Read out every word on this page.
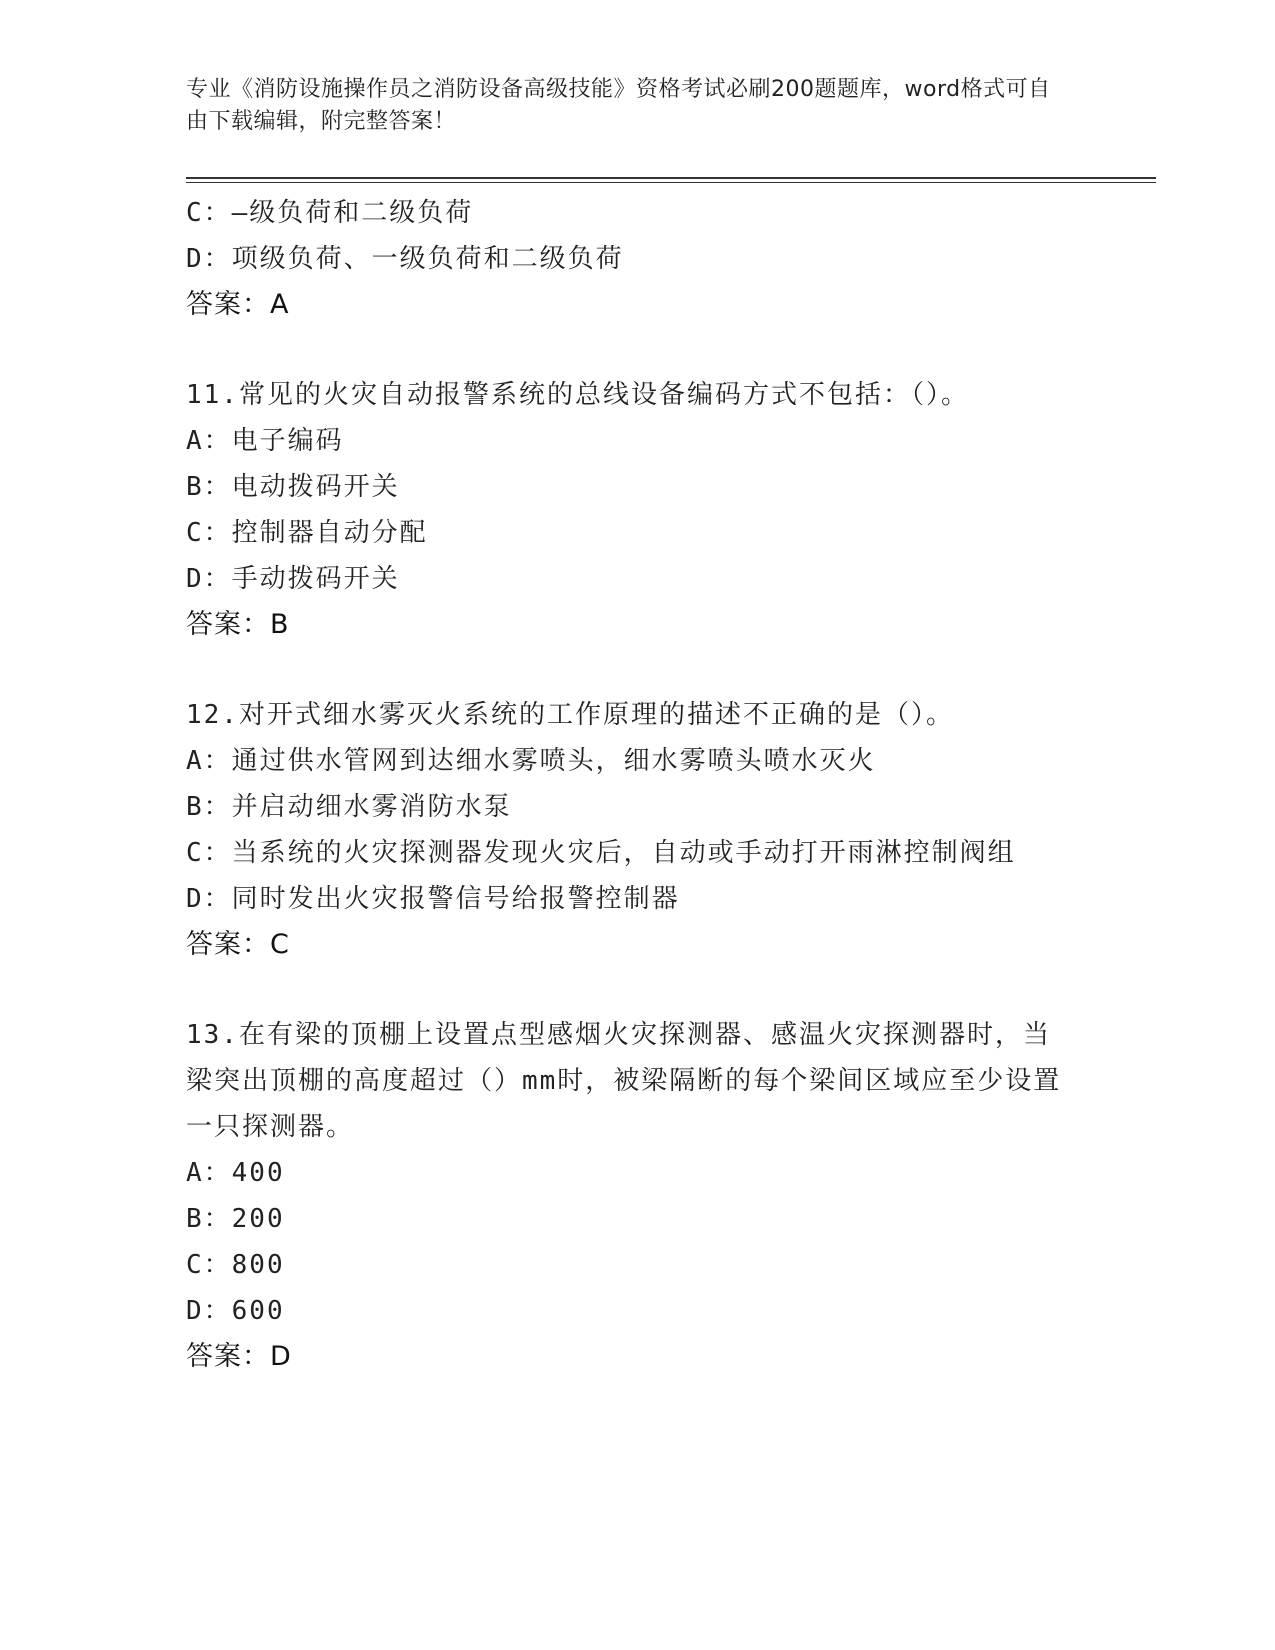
专业《消防设施操作员之消防设备高级技能》资格考试必刷200题题库，word格式可自由下载编辑，附完整答案！
C：—级负荷和二级负荷
D：项级负荷、一级负荷和二级负荷
答案：A
11.常见的火灾自动报警系统的总线设备编码方式不包括：（）。
A：电子编码
B：电动拨码开关
C：控制器自动分配
D：手动拨码开关
答案：B
12.对开式细水雾灭火系统的工作原理的描述不正确的是（）。
A：通过供水管网到达细水雾喷头，细水雾喷头喷水灭火
B：并启动细水雾消防水泵
C：当系统的火灾探测器发现火灾后，自动或手动打开雨淋控制阀组
D：同时发出火灾报警信号给报警控制器
答案：C
13.在有梁的顶棚上设置点型感烟火灾探测器、感温火灾探测器时，当梁突出顶棚的高度超过（）mm时，被梁隔断的每个梁间区域应至少设置一只探测器。
A：400
B：200
C：800
D：600
答案：D
